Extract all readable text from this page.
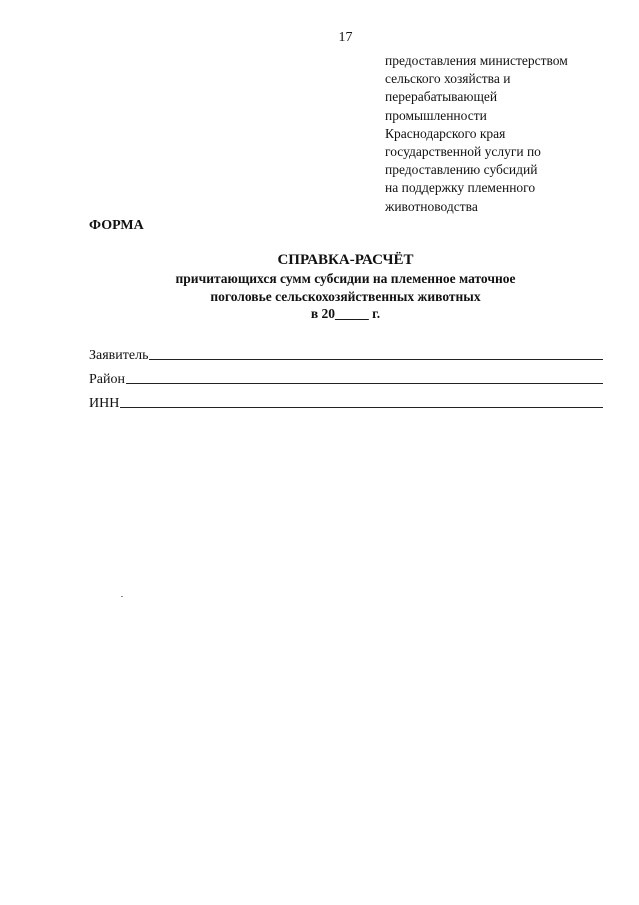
17
предоставления министерством
сельского хозяйства и
перерабатывающей
промышленности
Краснодарского края
государственной услуги по
предоставлению субсидий
на поддержку племенного
животноводства
ФОРМА
СПРАВКА-РАСЧЁТ
причитающихся сумм субсидии на племенное маточное
поголовье сельскохозяйственных животных
в 20_____ г.
Заявитель
Район
ИНН
